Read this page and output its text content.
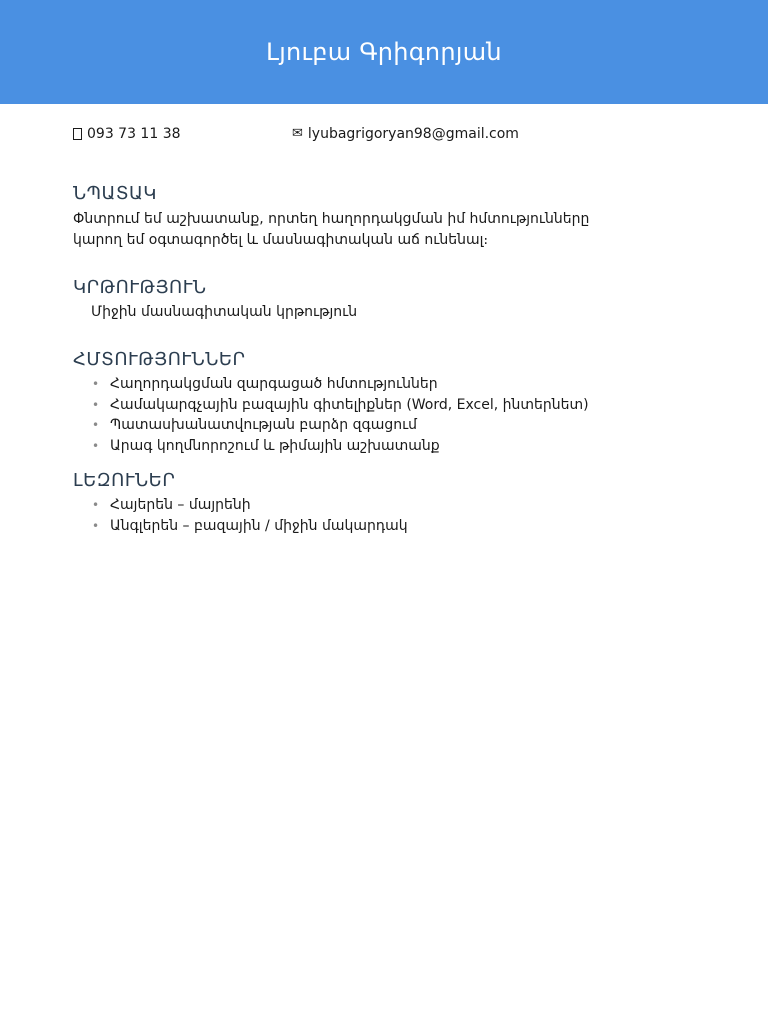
Լյուբա Գրիգորյան
093 73 11 38	✉ lyubagrigoryan98@gmail.com
ՆՊԱՏԱԿ

Փնտրում եմ աշխատանք, որտեղ հաղորդակցման իմ հմտությունները
կարող եմ օգտագործել և մասնագիտական աճ ունենալ։

ԿՐԹՈՒԹՅՈՒՆ
Միջին մասնագիտական կրթություն
ՀՄՏՈՒԹՅՈՒՆՆԵՐ
• Հաղորդակցման զարգացած հմտություններ
• Համակարգչային բազային գիտելիքներ (Word, Excel, ինտերնետ)
• Պատասխանատվության բարձր զգացում
• Արագ կողմնորոշում և թիմային աշխատանք
ԼԵԶՈՒՆԵՐ
• Հայերեն – մայրենի
• Անգլերեն – բազային / միջին մակարդակ
